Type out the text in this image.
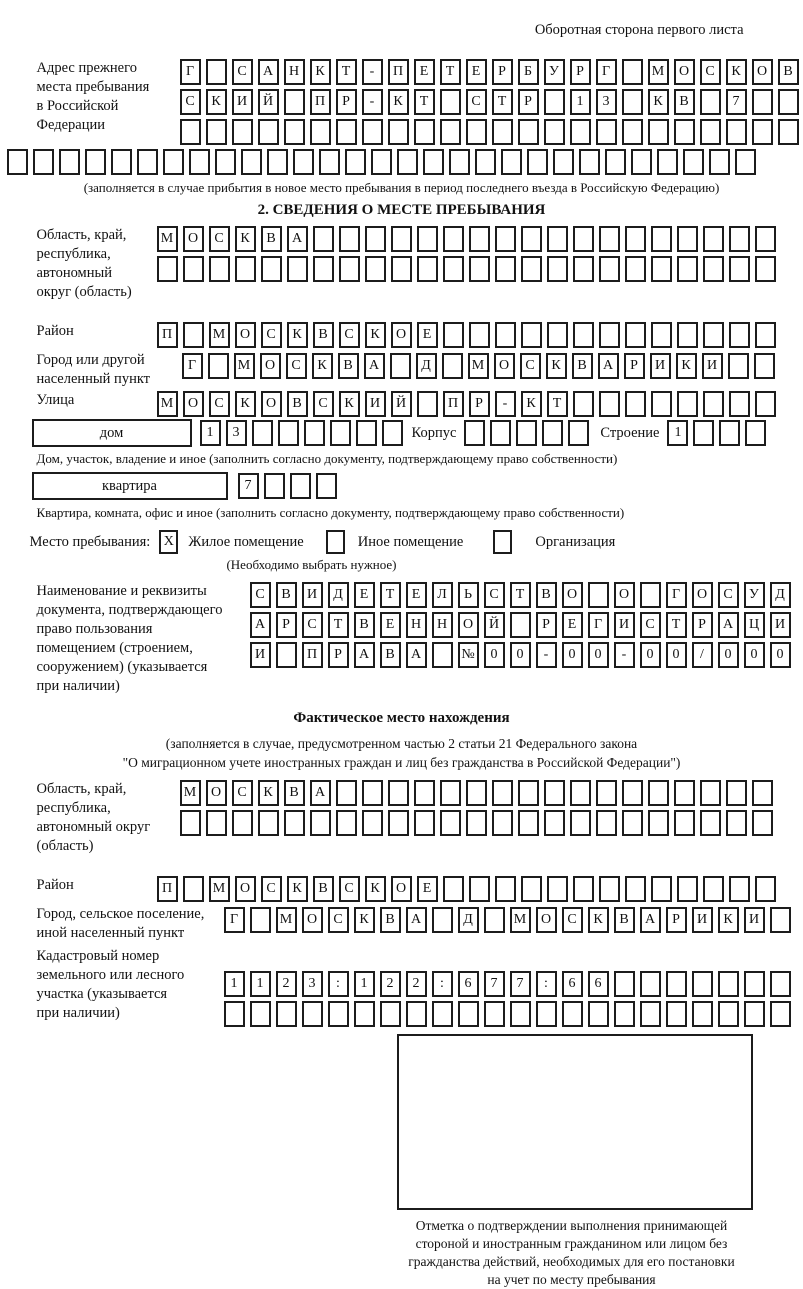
Оборотная сторона первого листа
Адрес прежнего
места пребывания
в Российской
Федерации
Г	С	А	Н	К	Т	-	П	Е	Т	Е	Р	Б	У	Р	Г	М	О	С	К	О	В
С	К	И	Й	П	Р	-	К	Т	С	Т	Р	1	3	К	В	7
(заполняется в случае прибытия в новое место пребывания в период последнего въезда в Российскую Федерацию)
2. СВЕДЕНИЯ О МЕСТЕ ПРЕБЫВАНИЯ
Область, край,
республика,
автономный
округ (область)
М	О	С	К	В	А
Район	П	М	О	С	К	В	С	К	О	Е
Город или другой
населенный пункт
Г	М	О	С	К	В	А	Д	М	О	С	К	В	А	Р	И	К	И
Улица	М	О	С	К	О	В	С	К	И	Й	П	Р	-	К	Т
дом	1	3	Корпус	Строение	1
Дом, участок, владение и иное (заполнить согласно документу, подтверждающему право собственности)
квартира	7
Квартира, комната, офис и иное (заполнить согласно документу, подтверждающему право собственности)
Место пребывания: X Жилое помещение	Иное помещение	Организация
(Необходимо выбрать нужное)
Наименование и реквизиты
документа, подтверждающего
право пользования
помещением (строением,
сооружением) (указывается
при наличии)
С	В	И	Д	Е	Т	Е	Л	Ь	С	Т	В	О	О	Г	О	С	У	Д
А	Р	С	Т	В	Е	Н	Н	О	Й	Р	Е	Г	И	С	Т	Р	А	Ц	И
И	П	Р	А	В	А	№	0	0	-	0	0	-	0	0	/	0	0	0
Фактическое место нахождения
(заполняется в случае, предусмотренном частью 2 статьи 21 Федерального закона
"О миграционном учете иностранных граждан и лиц без гражданства в Российской Федерации")
Область, край,
республика,
автономный округ
(область)
М	О	С	К	В	А
Район	П	М	О	С	К	В	С	К	О	Е
Город, сельское поселение,
иной населенный пункт
Г	М	О	С	К	В	А	Д	М	О	С	К	В	А	Р	И	К	И
Кадастровый номер
земельного или лесного
участка (указывается
при наличии)
1	1	2	3	:	1	2	2	:	6	7	7	:	6	6
Отметка о подтверждении выполнения принимающей
стороной и иностранным гражданином или лицом без
гражданства действий, необходимых для его постановки
на учет по месту пребывания
